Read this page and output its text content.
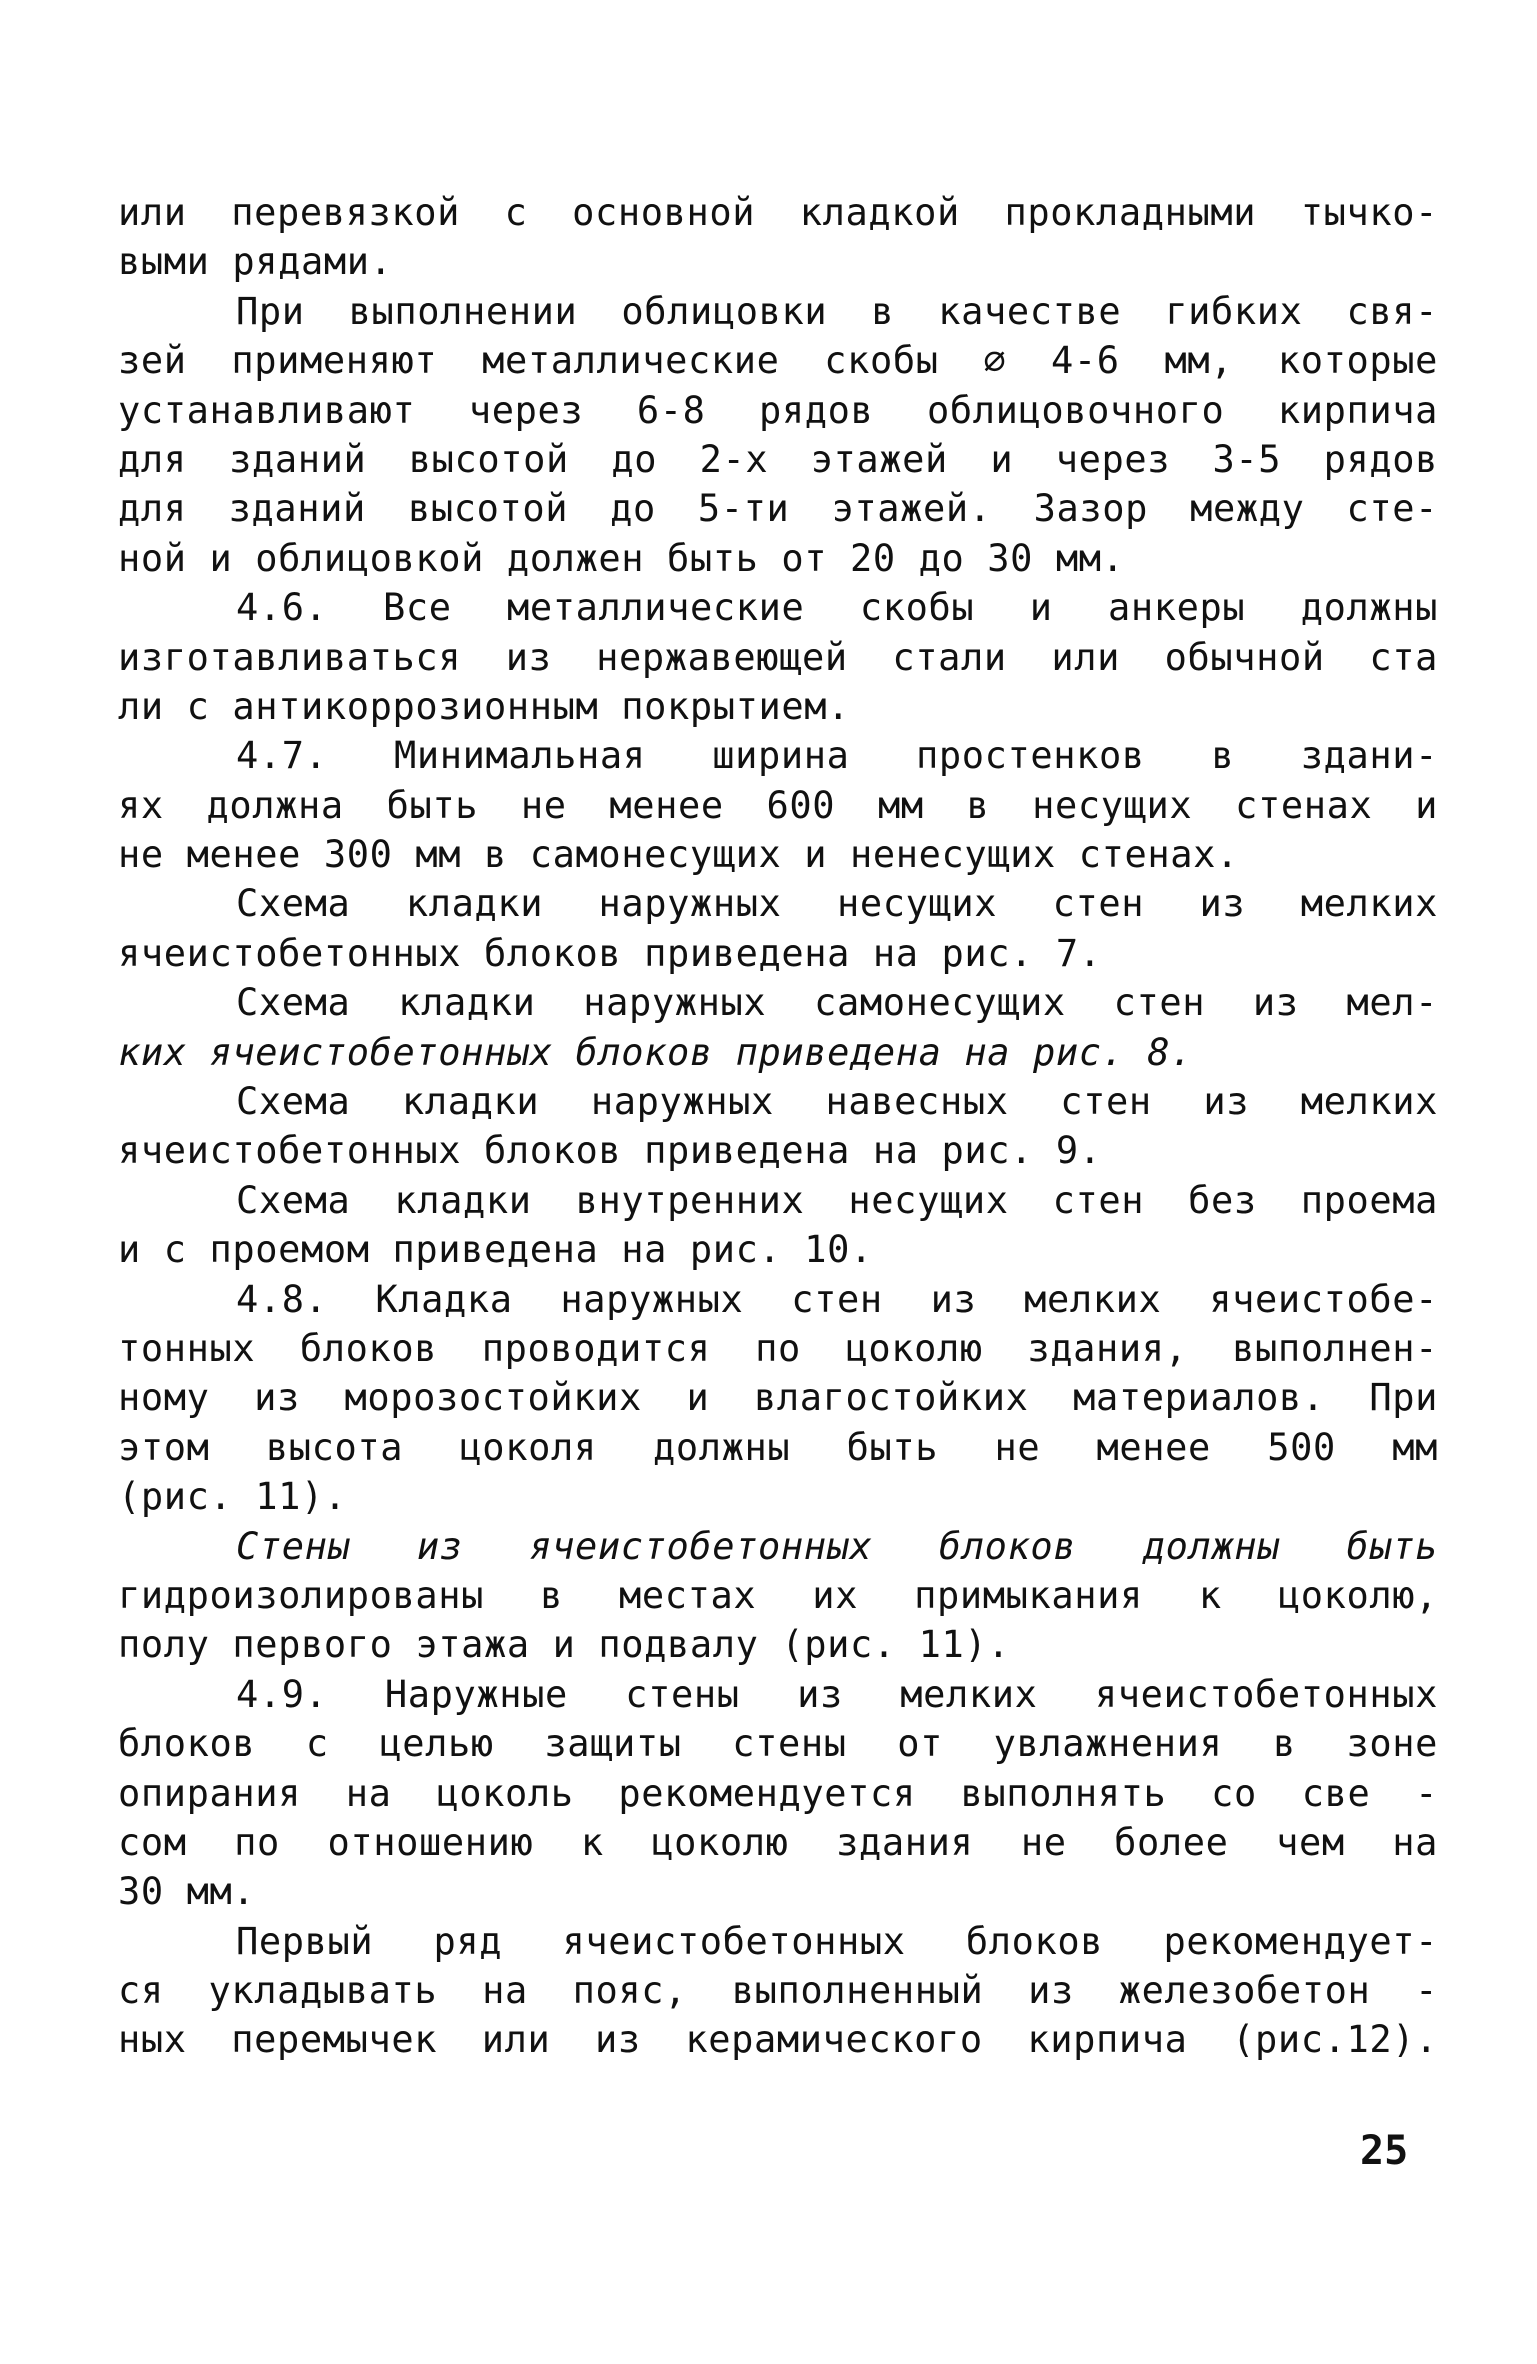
или перевязкой с основной кладкой прокладными тычко-
выми рядами.
При выполнении облицовки в качестве гибких свя-
зей применяют металлические скобы ∅ 4-6 мм, которые
устанавливают через 6-8 рядов облицовочного кирпича
для зданий высотой до 2-х этажей и через 3-5 рядов
для зданий высотой до 5-ти этажей. Зазор между сте-
ной и облицовкой должен быть от 20 до 30 мм.
4.6. Все металлические скобы и анкеры должны
изготавливаться из нержавеющей стали или обычной ста
ли с антикоррозионным покрытием.
4.7. Минимальная ширина простенков в здани-
ях должна быть не менее 600 мм в несущих стенах и
не менее 300 мм в самонесущих и ненесущих стенах.
Схема кладки наружных несущих стен из мелких
ячеистобетонных блоков приведена на рис. 7.
Схема кладки наружных самонесущих стен из мел-
ких ячеистобетонных блоков приведена на рис. 8.
Схема кладки наружных навесных стен из мелких
ячеистобетонных блоков приведена на рис. 9.
Схема кладки внутренних несущих стен без проема
и с проемом приведена на рис. 10.
4.8. Кладка наружных стен из мелких ячеистобе-
тонных блоков проводится по цоколю здания, выполнен-
ному из морозостойких и влагостойких материалов. При
этом высота цоколя должны быть не менее 500 мм
(рис. 11).
Стены из ячеистобетонных блоков должны быть
гидроизолированы в местах их примыкания к цоколю,
полу первого этажа и подвалу (рис. 11).
4.9. Наружные стены из мелких ячеистобетонных
блоков с целью защиты стены от увлажнения в зоне
опирания на цоколь рекомендуется выполнять со све -
сом по отношению к цоколю здания не более чем на
30 мм.
Первый ряд ячеистобетонных блоков рекомендует-
ся укладывать на пояс, выполненный из железобетон -
ных перемычек или из керамического кирпича (рис.12).
25
